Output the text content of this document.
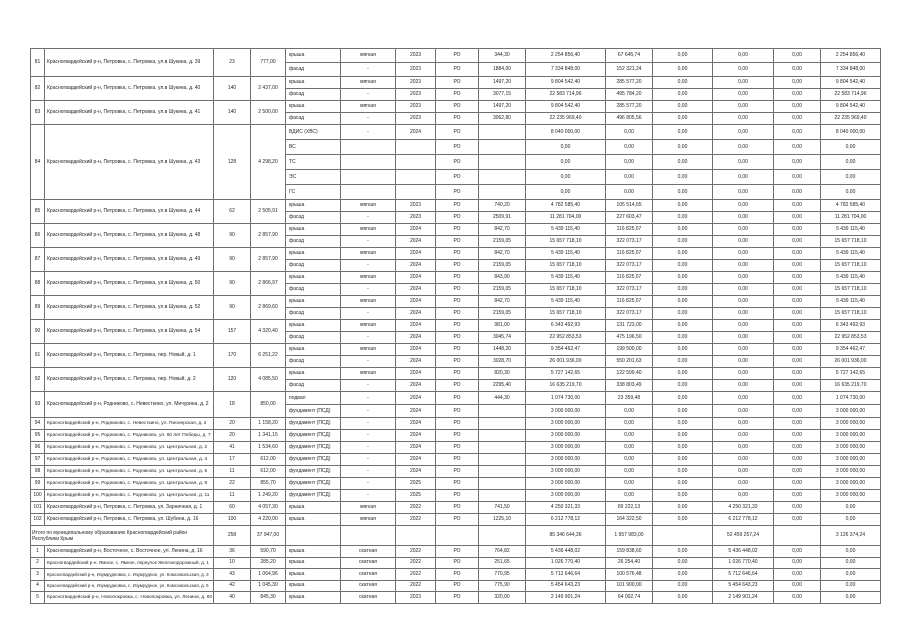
81	Красногвардейский р-н, Петровка, с. Петровка, ул.в Шукина, д. 39	23	777,00	крыша	мягкая	2023	РО	344,30	2 254 856,40	67 645,74	0,00	0,00	0,00	2 254 856,40
				фасад	-	2023	РО	1884,00	7 334 848,00	152 321,24	0,00	0,00	0,00	7 334 848,00
82	Красногвардейский р-н, Петровка, с. Петровка, ул.в Шукина, д. 40	140	2 437,00	крыша	мягкая	2023	РО	1497,20	9 804 542,40	285 577,20	0,00	0,00	0,00	9 804 542,40
				фасад	-	2023	РО	3077,15	22 583 714,96	495 784,20	0,00	0,00	0,00	22 583 714,96
83	Красногвардейский р-н, Петровка, с. Петровка, ул.в Шукина, д. 41	140	2 500,00	крыша	мягкая	2023	РО	1497,20	9 804 542,40	285 577,20	0,00	0,00	0,00	9 804 542,40
				фасад	-	2023	РО	3062,80	22 235 969,40	496 805,56	0,00	0,00	0,00	22 235 969,40
84	Красногвардейский р-н, Петровка, с. Петровка, ул.в Шукина, д. 43	128	4 298,20	ВДИС (ХВС)	-	2024	РО		8 040 000,00	0,00	0,00	0,00	0,00	8 040 000,00
				ВС			РО		0,00	0,00	0,00	0,00	0,00	0,00
				ТС			РО		0,00	0,00	0,00	0,00	0,00	0,00
				ЭС			РО		0,00	0,00	0,00	0,00	0,00	0,00
				ГС			РО		0,00	0,00	0,00	0,00	0,00	0,00
85	Красногвардейский р-н, Петровка, с. Петровка, ул.в Шукина, д. 44	62	2 505,91	крыша	мягкая	2023	РО	740,20	4 782 585,40	105 514,65	0,00	0,00	0,00	4 782 585,40
				фасад	-	2023	РО	2509,91	11 281 704,00	227 603,47	0,00	0,00	0,00	11 281 704,00
86	Красногвардейский р-н, Петровка, с. Петровка, ул.в Шукина, д. 48	90	2 857,90	крыша	мягкая	2024	РО	842,70	5 439 115,40	116 825,07	0,00	0,00	0,00	5 439 115,40
				фасад	-	2024	РО	2159,05	15 657 718,10	322 073,17	0,00	0,00	0,00	15 657 718,10
87	Красногвардейский р-н, Петровка, с. Петровка, ул.в Шукина, д. 49	90	2 857,90	крыша	мягкая	2024	РО	842,70	5 439 115,40	116 825,07	0,00	0,00	0,00	5 439 115,40
				фасад	-	2024	РО	2159,05	15 657 718,10	322 073,17	0,00	0,00	0,00	15 657 718,10
88	Красногвардейский р-н, Петровка, с. Петровка, ул.в Шукина, д. 50	90	2 866,97	крыша	мягкая	2024	РО	843,90	5 439 115,40	116 825,07	0,00	0,00	0,00	5 439 115,40
				фасад	-	2024	РО	2159,05	15 657 718,10	322 073,17	0,00	0,00	0,00	15 657 718,10
89	Красногвардейский р-н, Петровка, с. Петровка, ул.в Шукина, д. 52	90	2 869,60	крыша	мягкая	2024	РО	842,70	5 439 115,40	116 825,07	0,00	0,00	0,00	5 439 115,40
				фасад	-	2024	РО	2159,05	15 657 718,10	322 073,17	0,00	0,00	0,00	15 657 718,10
90	Красногвардейский р-н, Петровка, с. Петровка, ул.в Шукина, д. 54	157	4 320,40	крыша	мягкая	2024	РО	981,00	6 343 492,93	131 723,00	0,00	0,00	0,00	6 343 492,93
				фасад	-	2024	РО	3045,74	22 952 853,53	475 196,50	0,00	0,00	0,00	22 952 853,53
91	Красногвардейский р-н, Петровка, с. Петровка, пер. Новый, д. 1	170	6 251,22	крыша	мягкая	2024	РО	1448,20	9 354 462,47	199 500,00	0,00	0,00	0,00	9 354 462,47
				фасад	-	2024	РО	3028,70	26 001 936,00	550 201,63	0,00	0,00	0,00	26 001 936,00
92	Красногвардейский р-н, Петровка, с. Петровка, пер. Новый, д. 2	120	4 085,50	крыша	мягкая	2024	РО	820,30	5 727 142,65	122 599,40	0,00	0,00	0,00	5 727 142,65
				фасад	-	2024	РО	2295,40	16 635 219,70	338 803,49	0,00	0,00	0,00	16 635 219,70
93	Красногвардейский р-н, Родниково, с. Невесткино, ул. Мичурина, д. 2	18	850,00	подвал	-	2024	РО	444,30	1 074 730,00	23 359,48	0,00	0,00	0,00	1 074 730,00
				фундамент (ПСД)	-	2024	РО		3 000 000,00	0,00	0,00	0,00	0,00	3 000 000,00
94	Красногвардейский р-н, Родниково, с. Невесткино, ул. Пионерская, д. 2	20	1 158,20	фундамент (ПСД)	-	2024	РО		3 000 000,00	0,00	0,00	0,00	0,00	3 000 000,00
95	Красногвардейский р-н, Родниково, с. Родниково, ул. 60 лет Победы, д. 7	20	1 341,15	фундамент (ПСД)	-	2024	РО		3 000 000,00	0,00	0,00	0,00	0,00	3 000 000,00
96	Красногвардейский р-н, Родниково, с. Родниково, ул. Центральная, д. 2	41	1 534,60	фундамент (ПСД)	-	2024	РО		3 000 000,00	0,00	0,00	0,00	0,00	3 000 000,00
97	Красногвардейский р-н, Родниково, с. Родниково, ул. Центральная, д. 4	17	612,00	фундамент (ПСД)	-	2024	РО		3 000 000,00	0,00	0,00	0,00	0,00	3 000 000,00
98	Красногвардейский р-н, Родниково, с. Родниково, ул. Центральная, д. 5	11	612,00	фундамент (ПСД)	-	2024	РО		3 000 000,00	0,00	0,00	0,00	0,00	3 000 000,00
99	Красногвардейский р-н, Родниково, с. Родниково, ул. Центральная, д. 9	22	855,70	фундамент (ПСД)	-	2025	РО		3 000 000,00	0,00	0,00	0,00	0,00	3 000 000,00
100	Красногвардейский р-н, Родниково, с. Родниково, ул. Центральная, д. 11	11	1 249,20	фундамент (ПСД)	-	2025	РО		3 000 000,00	0,00	0,00	0,00	0,00	3 000 000,00
101	Красногвардейский р-н, Петровка, с. Петровка, ул. Зарничная, д. 1	60	4 057,30	крыша	мягкая	2022	РО	741,50	4 250 321,33	89 222,13	0,00	4 250 321,33	0,00	0,00
102	Красногвардейский р-н, Петровка, с. Петровка, ул. Шубина, д. 16	100	4 220,00	крыша	мягкая	2022	РО	1225,10	6 212 778,12	164 322,50	0,00	6 212 778,12	0,00	0,00
Итого по муниципальному образованию Красногвардейский район Республики Крым		258	37 947,00						85 346 644,36	1 957 983,00		52 459 257,24		3 126 374,24
1	Красногвардейский р-н, Восточное, с. Восточное, ул. Ленина, д. 16	36	590,70	крыша	скатная	2022	РО	764,82	5 436 448,02	159 838,60	0,00	5 436 448,02	0,00	0,00
2	Красногвардейский р-н, Ямное, с. Ямное, переулок Железнодорожный, д. 1	10	285,20	крыша	скатная	2022	РО	251,65	1 026 770,40	26 254,40	0,00	1 026 770,40	0,00	0,00
3	Красногвардейский р-н, Изумрудновка, с. Изумрудное, ул. Комсомольская, д. 3	43	1 064,96	крыша	скатная	2022	РО	770,95	5 712 646,64	100 576,48	0,00	5 712 646,64	0,00	0,00
4	Красногвардейский р-н, Изумрудновка, с. Изумрудное, ул. Комсомольская, д. 5	42	1 045,30	крыша	скатная	2022	РО	775,90	5 454 643,23	101 900,00	0,00	5 454 643,23	0,00	0,00
5	Красногвардейский р-н, Новопокровка, с. Новопокровка, ул. Ленина, д. 60	40	845,30	крыша	скатная	2023	РО	320,00	2 149 901,24	64 002,74	0,00	2 149 901,24	0,00	0,00
